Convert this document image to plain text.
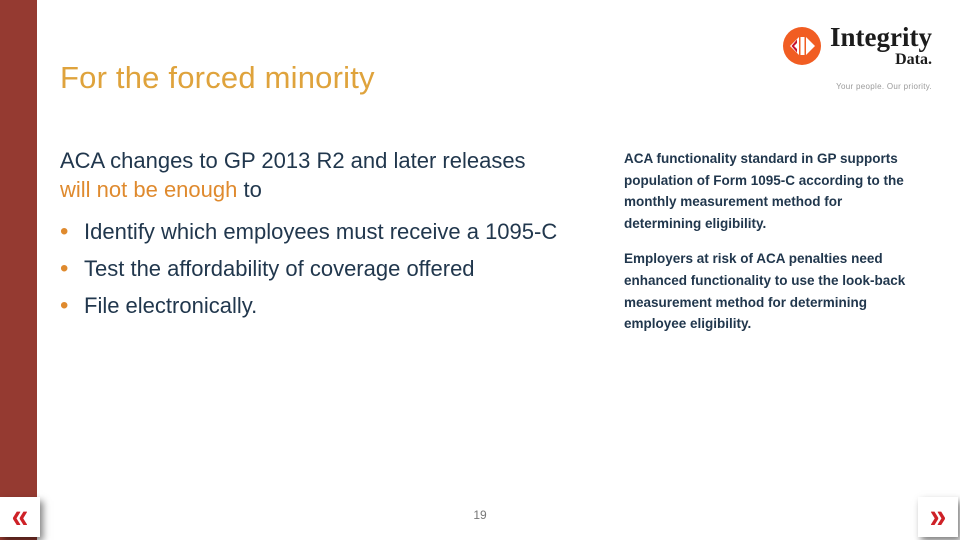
For the forced minority
Integrity
Data.
Your people. Our priority.

ACA changes to GP 2013 R2 and later releases will not be enough to

• Identify which employees must receive a 1095-C
• Test the affordability of coverage offered
• File electronically.

ACA functionality standard in GP supports population of Form 1095-C according to the monthly measurement method for determining eligibility.

Employers at risk of ACA penalties need enhanced functionality to use the look-back measurement method for determining employee eligibility.

19
«	»
